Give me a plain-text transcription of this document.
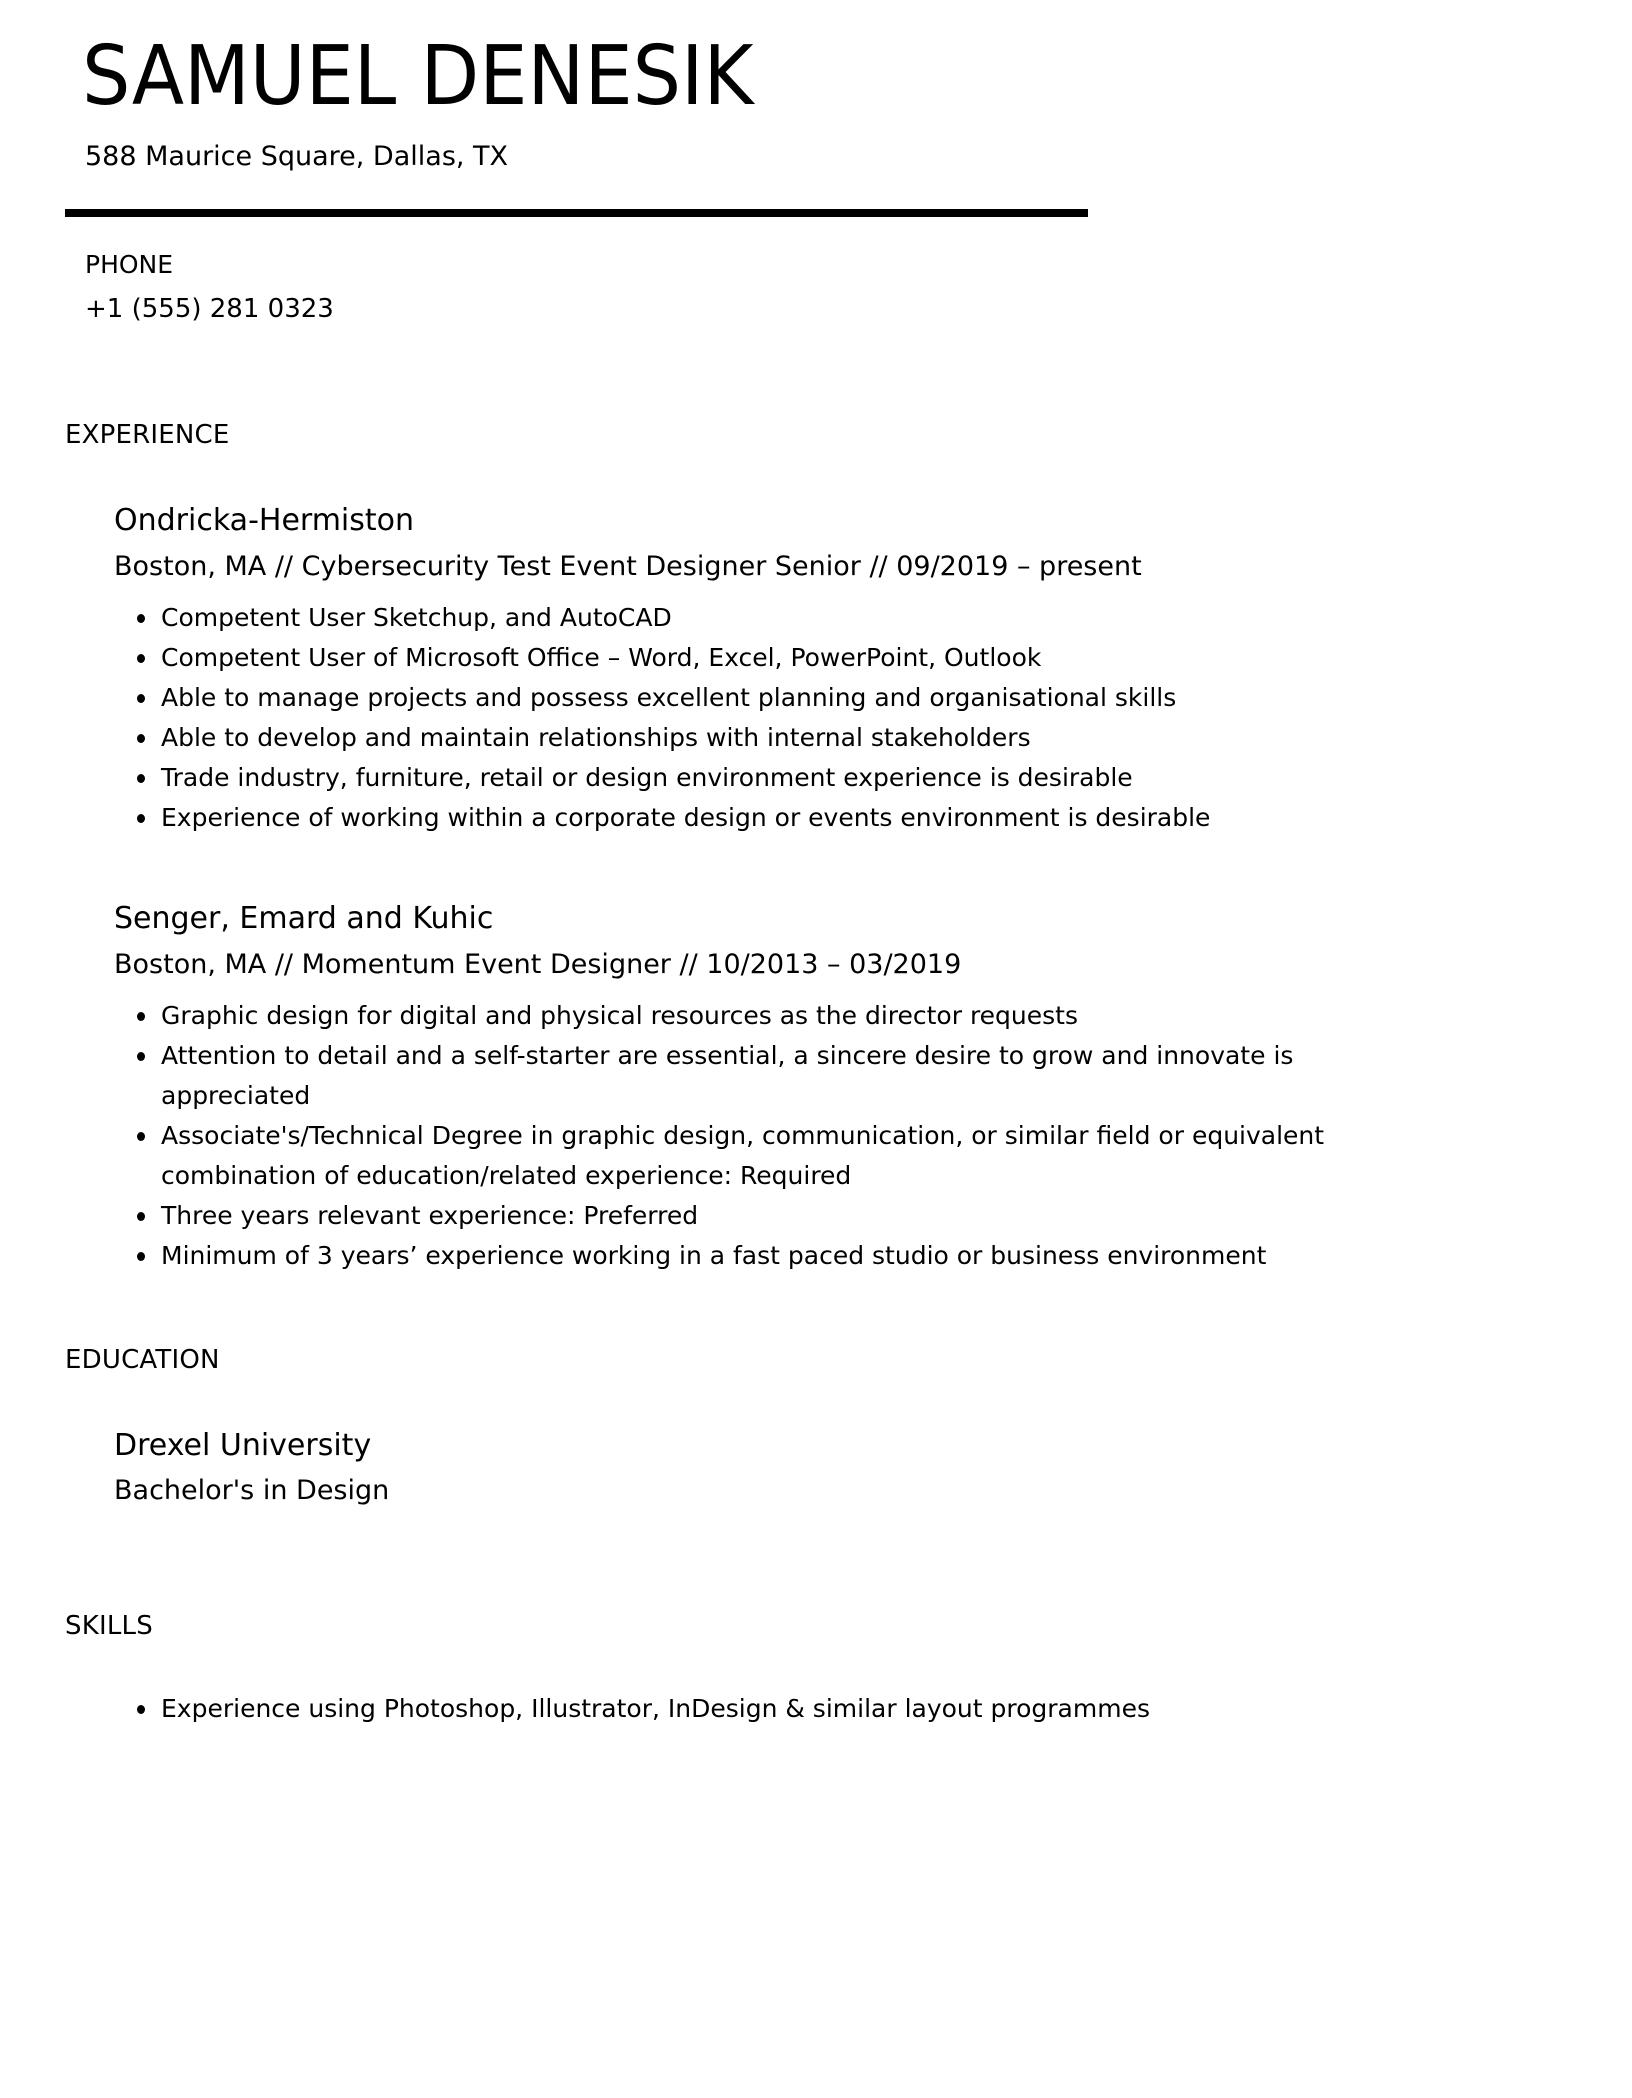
SAMUEL DENESIK
588 Maurice Square, Dallas, TX
PHONE
+1 (555) 281 0323
EXPERIENCE
Ondricka-Hermiston
Boston, MA // Cybersecurity Test Event Designer Senior // 09/2019 – present
Competent User Sketchup, and AutoCAD
Competent User of Microsoft Office – Word, Excel, PowerPoint, Outlook
Able to manage projects and possess excellent planning and organisational skills
Able to develop and maintain relationships with internal stakeholders
Trade industry, furniture, retail or design environment experience is desirable
Experience of working within a corporate design or events environment is desirable
Senger, Emard and Kuhic
Boston, MA // Momentum Event Designer // 10/2013 – 03/2019
Graphic design for digital and physical resources as the director requests
Attention to detail and a self-starter are essential, a sincere desire to grow and innovate is appreciated
Associate's/Technical Degree in graphic design, communication, or similar field or equivalent combination of education/related experience: Required
Three years relevant experience: Preferred
Minimum of 3 years’ experience working in a fast paced studio or business environment
EDUCATION
Drexel University
Bachelor's in Design
SKILLS
Experience using Photoshop, Illustrator, InDesign & similar layout programmes
